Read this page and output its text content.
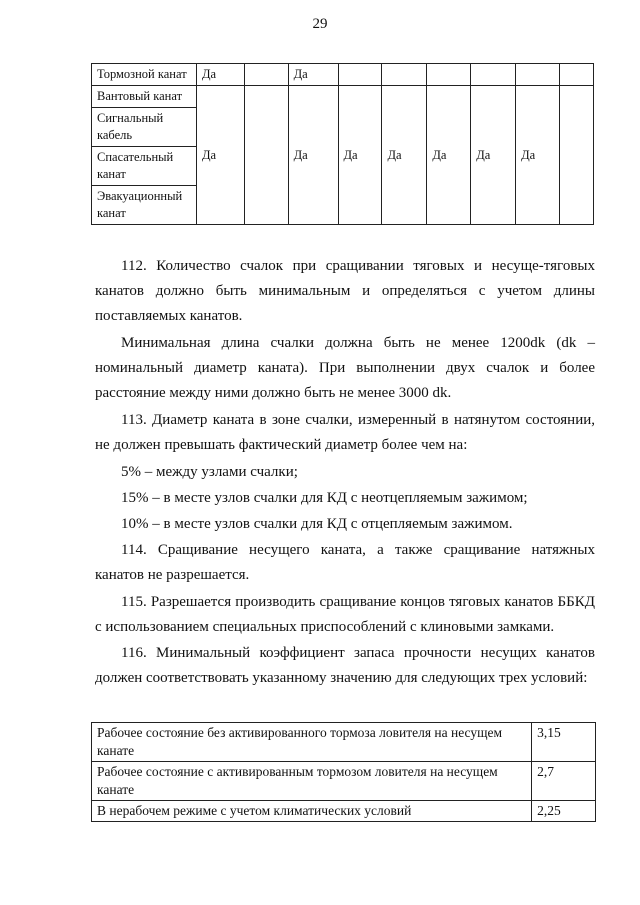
29
Тормозной канат	Да		Да						
Вантовый канат	Да		Да	Да	Да	Да	Да	Да	
Сигнальный кабель									
Спасательный канат									
Эвакуационный канат									

112. Количество счалок при сращивании тяговых и несуще-тяговых канатов должно быть минимальным и определяться с учетом длины поставляемых канатов.

Минимальная длина счалки должна быть не менее 1200dk (dk – номинальный диаметр каната). При выполнении двух счалок и более расстояние между ними должно быть не менее 3000 dk.

113. Диаметр каната в зоне счалки, измеренный в натянутом состоянии, не должен превышать фактический диаметр более чем на:

5% – между узлами счалки;

15% – в месте узлов счалки для КД с неотцепляемым зажимом;

10% – в месте узлов счалки для КД с отцепляемым зажимом.

114. Сращивание несущего каната, а также сращивание натяжных канатов не разрешается.

115. Разрешается производить сращивание концов тяговых канатов ББКД с использованием специальных приспособлений с клиновыми замками.

116. Минимальный коэффициент запаса прочности несущих канатов должен соответствовать указанному значению для следующих трех условий:

Рабочее состояние без активированного тормоза ловителя на несущем канате	3,15
Рабочее состояние с активированным тормозом ловителя на несущем канате	2,7
В нерабочем режиме с учетом климатических условий	2,25
